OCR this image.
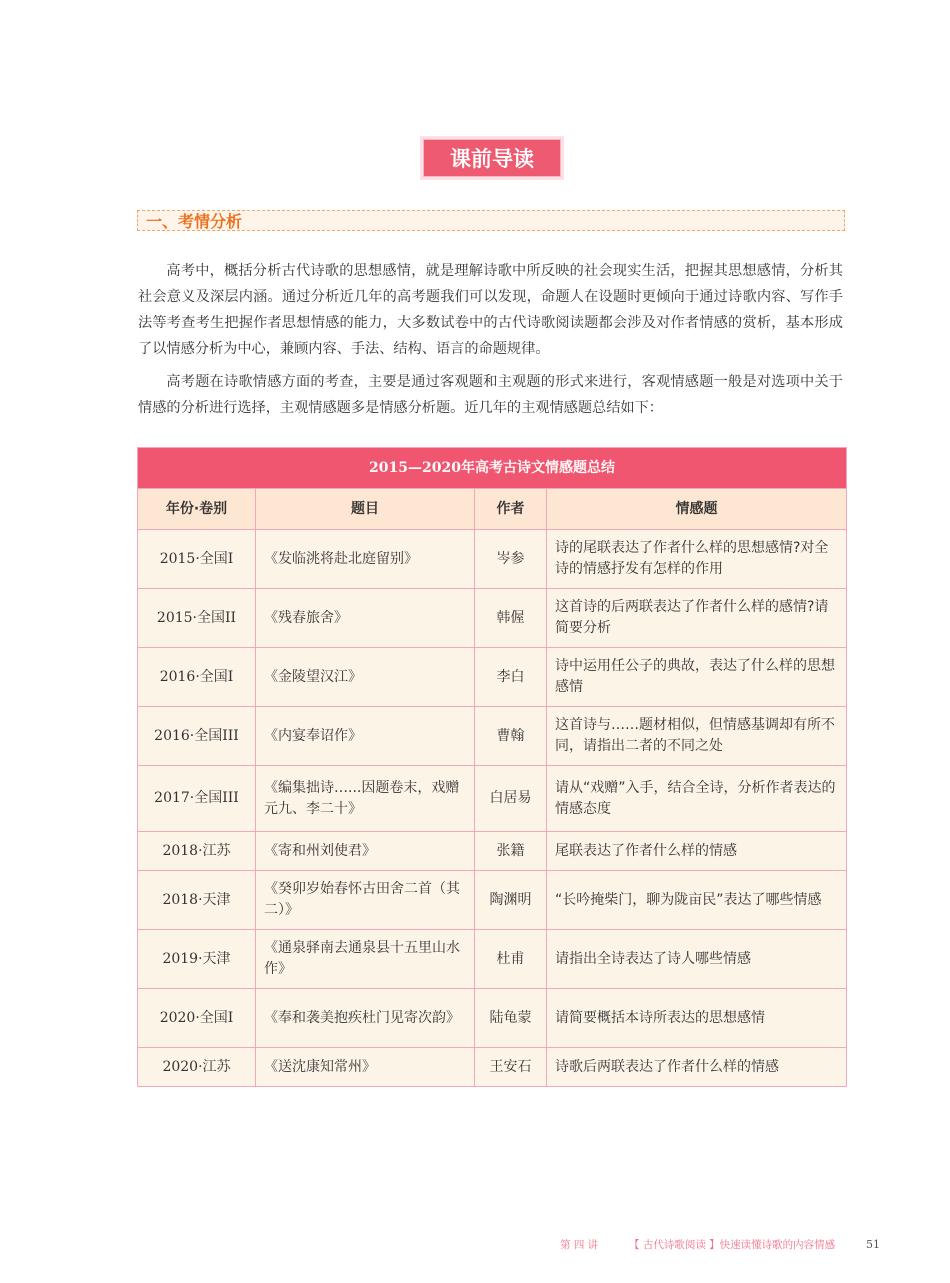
课前导读
一、考情分析

高考中，概括分析古代诗歌的思想感情，就是理解诗歌中所反映的社会现实生活，把握其思想感情，分析其社会意义及深层内涵。通过分析近几年的高考题我们可以发现，命题人在设题时更倾向于通过诗歌内容、写作手法等考查考生把握作者思想情感的能力，大多数试卷中的古代诗歌阅读题都会涉及对作者情感的赏析，基本形成了以情感分析为中心，兼顾内容、手法、结构、语言的命题规律。

高考题在诗歌情感方面的考查，主要是通过客观题和主观题的形式来进行，客观情感题一般是对选项中关于情感的分析进行选择，主观情感题多是情感分析题。近几年的主观情感题总结如下：

2015—2020年高考古诗文情感题总结			
年份·卷别	题目	作者	情感题
2015·全国I	《发临洮将赴北庭留别》	岑参	诗的尾联表达了作者什么样的思想感情?对全诗的情感抒发有怎样的作用
2015·全国II	《残春旅舍》	韩偓	这首诗的后两联表达了作者什么样的感情?请简要分析
2016·全国I	《金陵望汉江》	李白	诗中运用任公子的典故，表达了什么样的思想感情
2016·全国III	《内宴奉诏作》	曹翰	这首诗与……题材相似，但情感基调却有所不同，请指出二者的不同之处
2017·全国III	《编集拙诗…...因题卷末，戏赠元九、李二十》	白居易	请从“戏赠”入手，结合全诗，分析作者表达的情感态度
2018·江苏	《寄和州刘使君》	张籍	尾联表达了作者什么样的情感
2018·天津	《癸卯岁始春怀古田舍二首（其二）》	陶渊明	“长吟掩柴门，聊为陇亩民”表达了哪些情感
2019·天津	《通泉驿南去通泉县十五里山水作》	杜甫	请指出全诗表达了诗人哪些情感
2020·全国I	《奉和袭美抱疾杜门见寄次韵》	陆龟蒙	请简要概括本诗所表达的思想感情
2020·江苏	《送沈康知常州》	王安石	诗歌后两联表达了作者什么样的情感
第 四 讲	【 古代诗歌阅读 】快速读懂诗歌的内容情感	51
